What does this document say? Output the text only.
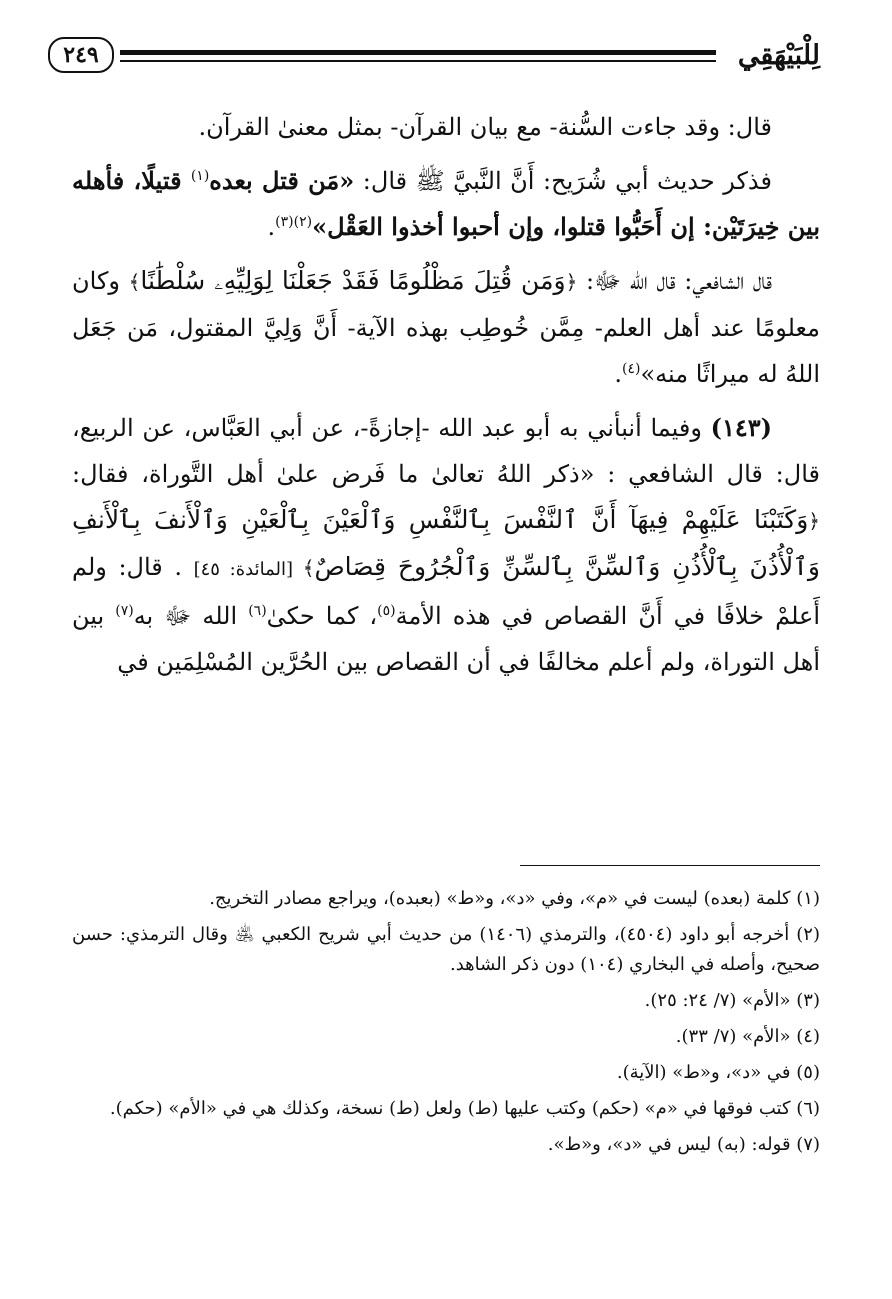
لِلْبَيْهَقِي
٢٤٩

قال: وقد جاءت السُّنة- مع بيان القرآن- بمثل معنىٰ القرآن.

فذكر حديث أبي شُرَيح: أَنَّ النَّبيَّ ﷺ قال: «مَن قتل بعده$^{(١)}$ قتيلًا، فأهله بين خِيرَتَيْن: إن أَحَبُّوا قتلوا، وإن أحبوا أخذوا العَقْل»$^{(٢)(٣)}$.

قال الشافعي: قال الله ﷻ: ﴿وَمَن قُتِلَ مَظْلُومًا فَقَدْ جَعَلْنَا لِوَلِيِّهِۦ سُلْطَٰنًا﴾ وكان معلومًا عند أهل العلم- مِمَّن خُوطِب بهذه الآية- أَنَّ وَلِيَّ المقتول، مَن جَعَل اللهُ له ميراثًا منه»$^{(٤)}$.

(١٤٣) وفيما أنبأني به أبو عبد الله -إجازةً-، عن أبي العَبَّاس، عن الربيع، قال: قال الشافعي : «ذكر اللهُ تعالىٰ ما فَرض علىٰ أهل التَّوراة، فقال: ﴿وَكَتَبْنَا عَلَيْهِمْ فِيهَآ أَنَّ ٱلنَّفْسَ بِٱلنَّفْسِ وَٱلْعَيْنَ بِٱلْعَيْنِ وَٱلْأَنفَ بِٱلْأَنفِ وَٱلْأُذُنَ بِٱلْأُذُنِ وَٱلسِّنَّ بِٱلسِّنِّ وَٱلْجُرُوحَ قِصَاصٌ﴾ [المائدة: ٤٥] . قال: ولم أَعلمْ خلافًا في أَنَّ القصاص في هذه الأمة$^{(٥)}$، كما حكىٰ$^{(٦)}$ الله ﷻ به$^{(٧)}$ بين أهل التوراة، ولم أعلم مخالفًا في أن القصاص بين الحُرَّين المُسْلِمَين في

(١) كلمة (بعده) ليست في «م»، وفي «د»، و«ط» (بعبده)، ويراجع مصادر التخريج.

(٢) أخرجه أبو داود (٤٥٠٤)، والترمذي (١٤٠٦) من حديث أبي شريح الكعبي ﵁ وقال الترمذي: حسن صحيح، وأصله في البخاري (١٠٤) دون ذكر الشاهد.

(٣) «الأم» (٧/ ٢٤: ٢٥).

(٤) «الأم» (٧/ ٣٣).

(٥) في «د»، و«ط» (الآية).

(٦) كتب فوقها في «م» (حكم) وكتب عليها (ط) ولعل (ط) نسخة، وكذلك هي في «الأم» (حكم).

(٧) قوله: (به) ليس في «د»، و«ط».
